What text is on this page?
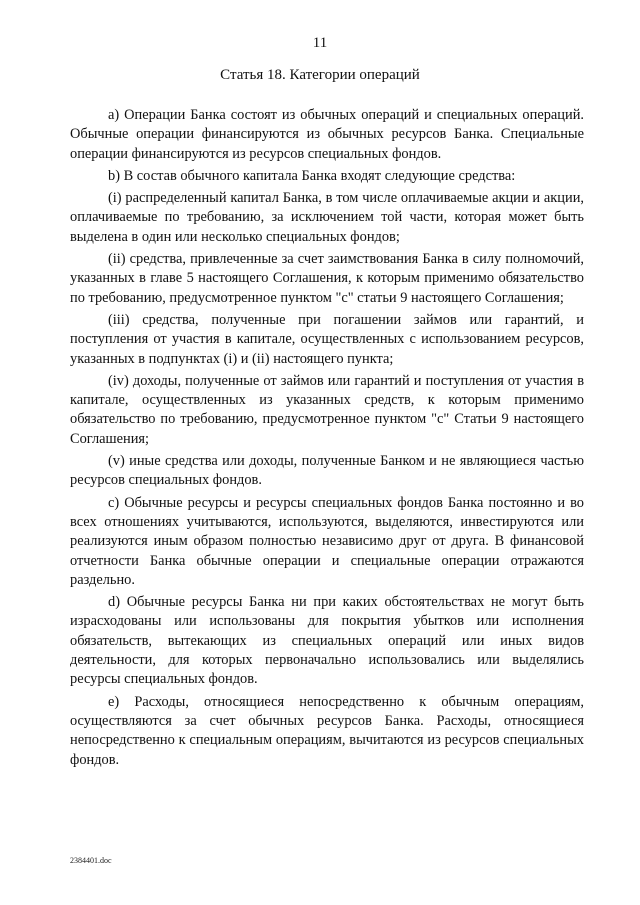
11
Статья 18. Категории операций

a) Операции Банка состоят из обычных операций и специальных операций. Обычные операции финансируются из обычных ресурсов Банка. Специальные операции финансируются из ресурсов специальных фондов.

b) В состав обычного капитала Банка входят следующие средства:

(i) распределенный капитал Банка, в том числе оплачиваемые акции и акции, оплачиваемые по требованию, за исключением той части, которая может быть выделена в один или несколько специальных фондов;

(ii) средства, привлеченные за счет заимствования Банка в силу полномочий, указанных в главе 5 настоящего Соглашения, к которым применимо обязательство по требованию, предусмотренное пунктом "c" статьи 9 настоящего Соглашения;

(iii) средства, полученные при погашении займов или гарантий, и поступления от участия в капитале, осуществленных с использованием ресурсов, указанных в подпунктах (i) и (ii) настоящего пункта;

(iv) доходы, полученные от займов или гарантий и поступления от участия в капитале, осуществленных из указанных средств, к которым применимо обязательство по требованию, предусмотренное пунктом "c" Статьи 9 настоящего Соглашения;

(v) иные средства или доходы, полученные Банком и не являющиеся частью ресурсов специальных фондов.

c) Обычные ресурсы и ресурсы специальных фондов Банка постоянно и во всех отношениях учитываются, используются, выделяются, инвестируются или реализуются иным образом полностью независимо друг от друга. В финансовой отчетности Банка обычные операции и специальные операции отражаются раздельно.

d) Обычные ресурсы Банка ни при каких обстоятельствах не могут быть израсходованы или использованы для покрытия убытков или исполнения обязательств, вытекающих из специальных операций или иных видов деятельности, для которых первоначально использовались или выделялись ресурсы специальных фондов.

e) Расходы, относящиеся непосредственно к обычным операциям, осуществляются за счет обычных ресурсов Банка. Расходы, относящиеся непосредственно к специальным операциям, вычитаются из ресурсов специальных фондов.

2384401.doc
